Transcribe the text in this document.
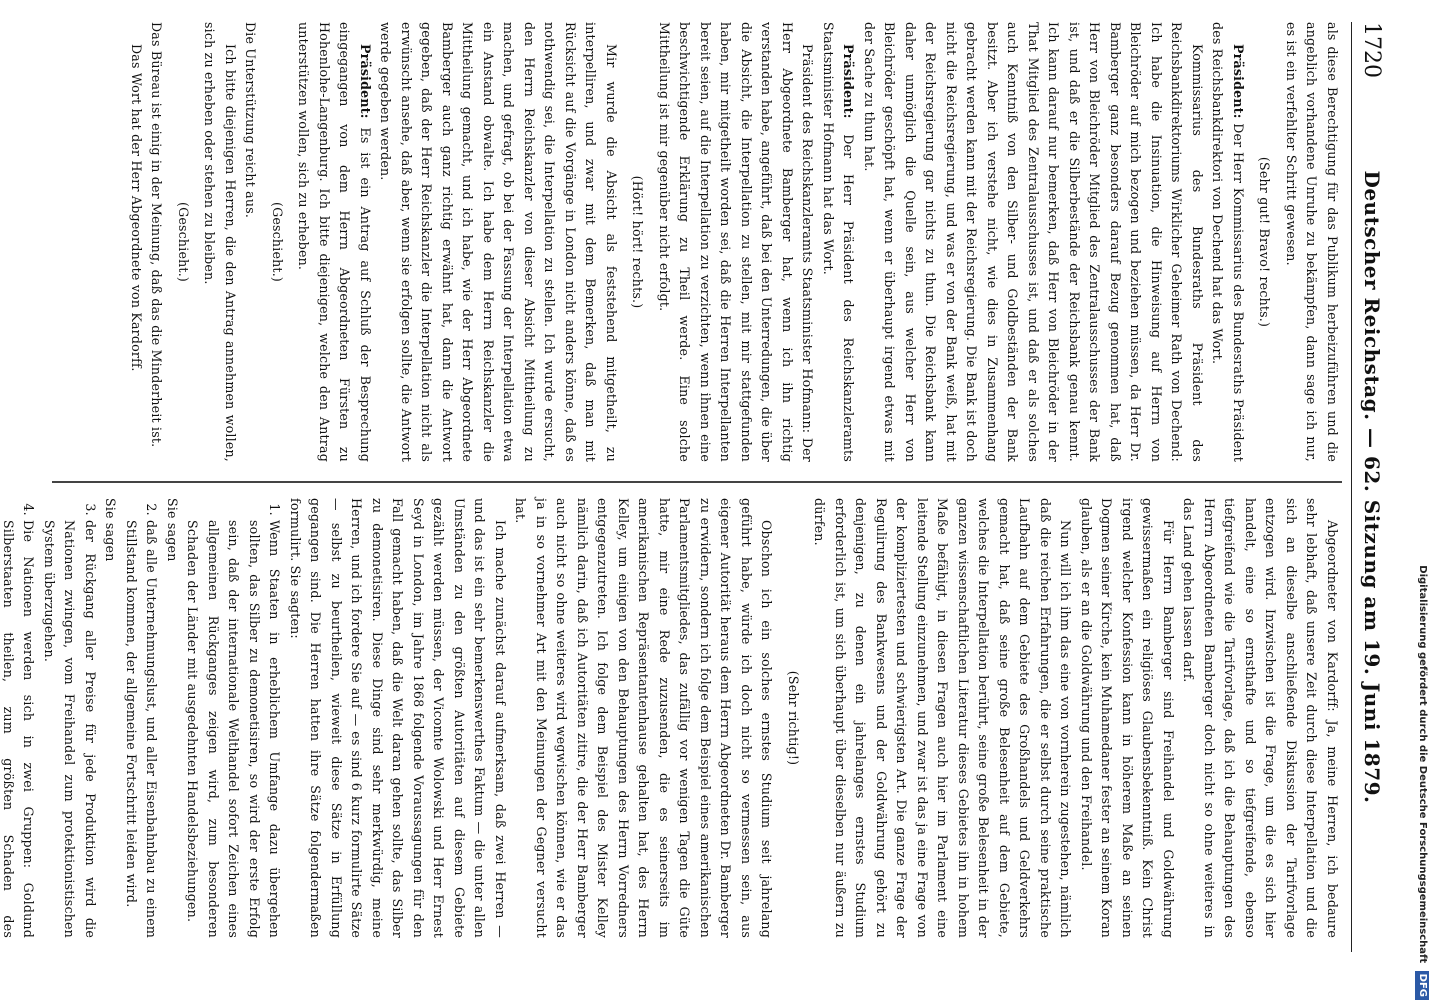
1720
Deutscher Reichstag. — 62. Sitzung am 19. Juni 1879.

als diese Berechtigung für das Publikum herbeizuführen und die angeblich vorhandene Unruhe zu bekämpfen, dann sage ich nur, es ist ein verfehlter Schritt gewesen.

(Sehr gut! Bravo! rechts.)

Präsident: Der Herr Kommissarius des Bundesraths Präsident des Reichsbankdirektori von Dechend hat das Wort.

Kommissarius des Bundesraths Präsident des Reichsbankdirektoriums Wirklicher Geheimer Rath von Dechend: Ich habe die Insinuation, die Hinweisung auf Herrn von Bleichröder auf mich bezogen und beziehen müssen, da Herr Dr. Bamberger ganz besonders darauf Bezug genommen hat, daß Herr von Bleichröder Mitglied des Zentralausschusses der Bank ist, und daß er die Silberbestände der Reichsbank genau kennt. Ich kann darauf nur bemerken, daß Herr von Bleichröder in der That Mitglied des Zentralausschusses ist, und daß er als solches auch Kenntniß von den Silber- und Goldbeständen der Bank besitzt. Aber ich verstehe nicht, wie dies in Zusammenhang gebracht werden kann mit der Reichsregierung. Die Bank ist doch nicht die Reichsregierung, und was er von der Bank weiß, hat mit der Reichsregierung gar nichts zu thun. Die Reichsbank kann daher unmöglich die Quelle sein, aus welcher Herr von Bleichröder geschöpft hat, wenn er überhaupt irgend etwas mit der Sache zu thun hat.

Präsident: Der Herr Präsident des Reichskanzleramts Staatsminister Hofmann hat das Wort.

Präsident des Reichskanzleramts Staatsminister Hofmann: Der Herr Abgeordnete Bamberger hat, wenn ich ihn richtig verstanden habe, angeführt, daß bei den Unterredungen, die über die Absicht, die Interpellation zu stellen, mit mir stattgefunden haben, mir mitgetheilt worden sei, daß die Herren Interpellanten bereit seien, auf die Interpellation zu verzichten, wenn ihnen eine beschwichtigende Erklärung zu Theil werde. Eine solche Mittheilung ist mir gegenüber nicht erfolgt.

(Hört! hört! rechts.)

Mir wurde die Absicht als feststehend mitgetheilt, zu interpelliren, und zwar mit dem Bemerken, daß man mit Rücksicht auf die Vorgänge in London nicht anders könne, daß es nothwendig sei, die Interpellation zu stellen. Ich wurde ersucht, den Herrn Reichskanzler von dieser Absicht Mittheilung zu machen, und gefragt, ob bei der Fassung der Interpellation etwa ein Anstand obwalte. Ich habe dem Herrn Reichskanzler die Mittheilung gemacht, und ich habe, wie der Herr Abgeordnete Bamberger auch ganz richtig erwähnt hat, dann die Antwort gegeben, daß der Herr Reichskanzler die Interpellation nicht als erwünscht ansehe, daß aber, wenn sie erfolgen sollte, die Antwort werde gegeben werden.

Präsident: Es ist ein Antrag auf Schluß der Besprechung eingegangen von dem Herrn Abgeordneten Fürsten zu Hohenlohe-Langenburg. Ich bitte diejenigen, welche den Antrag unterstützen wollen, sich zu erheben.

(Geschieht.)

Die Unterstützung reicht aus.

Ich bitte diejenigen Herren, die den Antrag annehmen wollen, sich zu erheben oder stehen zu bleiben.

(Geschieht.)

Das Büreau ist einig in der Meinung, daß das die Minderheit ist.

Das Wort hat der Herr Abgeordnete von Kardorff.

Abgeordneter von Kardorff: Ja, meine Herren, ich bedaure sehr lebhaft, daß unsere Zeit durch diese Interpellation und die sich an dieselbe anschließende Diskussion der Tarifvorlage entzogen wird. Inzwischen ist die Frage, um die es sich hier handelt, eine so ernsthafte und so tiefgreifende, ebenso tiefgreifend wie die Tarifvorlage, daß ich die Behauptungen des Herrn Abgeordneten Bamberger doch nicht so ohne weiteres in das Land gehen lassen darf.

Für Herrn Bamberger sind Freihandel und Goldwährung gewissermaßen ein religiöses Glaubensbekenntniß. Kein Christ irgend welcher Konfession kann in höherem Maße an seinen Dogmen seiner Kirche, kein Muhamedaner fester an seinem Koran glauben, als er an die Goldwährung und den Freihandel.

Nun will ich ihm das eine von vornherein zugestehen, nämlich daß die reichen Erfahrungen, die er selbst durch seine praktische Laufbahn auf dem Gebiete des Großhandels und Geldverkehrs gemacht hat, daß seine große Belesenheit auf dem Gebiete, welches die Interpellation berührt, seine große Belesenheit in der ganzen wissenschaftlichen Literatur dieses Gebietes ihn in hohem Maße befähigt, in diesen Fragen auch hier im Parlament eine leitende Stellung einzunehmen, und zwar ist das ja eine Frage von der kompliziertesten und schwierigsten Art. Die ganze Frage der Regulirung des Bankwesens und der Goldwährung gehört zu denjenigen, zu denen ein jahrelanges ernstes Studium erforderlich ist, um sich überhaupt über dieselben nur äußern zu dürfen.

(Sehr richtig!)

Obschon ich ein solches ernstes Studium seit jahrelang geführt habe, würde ich doch nicht so vermessen sein, aus eigener Autorität heraus dem Herrn Abgeordneten Dr. Bamberger zu erwidern, sondern ich folge dem Beispiel eines amerikanischen Parlamentsmitgliedes, das zufällig vor wenigen Tagen die Güte hatte, mir eine Rede zuzusenden, die es seinerseits im amerikanischen Repräsentantenhause gehalten hat, des Herrn Kelley, um einigen von den Behauptungen des Herrn Vorredners entgegenzutreten. Ich folge dem Beispiel des Mister Kelley nämlich darin, daß ich Autoritäten zitire, die der Herr Bamberger auch nicht so ohne weiteres wird wegwischen können, wie er das ja in so vornehmer Art mit den Meinungen der Gegner versucht hat.

Ich mache zunächst darauf aufmerksam, daß zwei Herren — und das ist ein sehr bemerkenswerthes Faktum — die unter allen Umständen zu den größten Autoritäten auf diesem Gebiete gezählt werden müssen, der Vicomte Wolowski und Herr Ernest Seyd in London, im Jahre 1868 folgende Voraussagungen für den Fall gemacht haben, daß die Welt daran gehen sollte, das Silber zu demonetisiren. Diese Dinge sind sehr merkwürdig, meine Herren, und ich fordere Sie auf — es sind 6 kurz formulirte Sätze — selbst zu beurtheilen, wieweit diese Sätze in Erfüllung gegangen sind. Die Herren hatten ihre Sätze folgendermaßen formulirt. Sie sagten:

1. Wenn Staaten in erheblichem Umfange dazu übergehen sollten, das Silber zu demonetisiren, so wird der erste Erfolg sein, daß der internationale Welthandel sofort Zeichen eines allgemeinen Rückganges zeigen wird, zum besonderen Schaden der Länder mit ausgedehnten Handelsbeziehungen.

Sie sagen

2. daß alle Unternehmungslust, und aller Eisenbahnbau zu einem Stillstand kommen, der allgemeine Fortschritt leiden wird.

Sie sagen

3. der Rückgang aller Preise für jede Produktion wird die Nationen zwingen, vom Freihandel zum protektionistischen System überzugehen.
4. Die Nationen werden sich in zwei Gruppen: Goldund Silberstaaten theilen, zum größten Schaden des	Digitalisierung gefördert durch die Deutsche Forschungsgemeinschaft DFG
